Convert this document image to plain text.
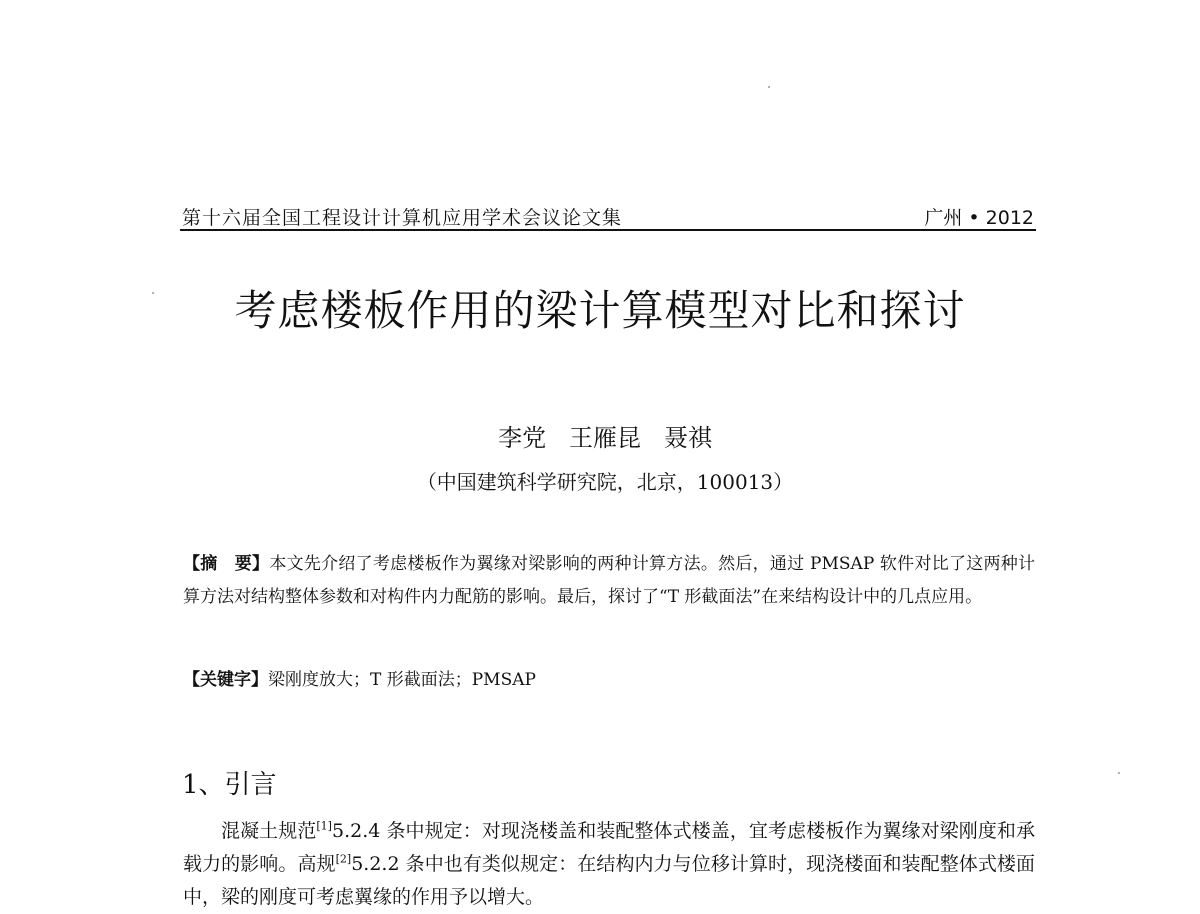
第十六届全国工程设计计算机应用学术会议论文集	广州 • 2012
考虑楼板作用的梁计算模型对比和探讨
李党   王雁昆   聂祺
（中国建筑科学研究院，北京，100013）
【摘　要】本文先介绍了考虑楼板作为翼缘对梁影响的两种计算方法。然后，通过 PMSAP 软件对比了这两种计算方法对结构整体参数和对构件内力配筋的影响。最后，探讨了“T 形截面法”在来结构设计中的几点应用。
【关键字】梁刚度放大；T 形截面法；PMSAP
1、引言
混凝土规范[1]5.2.4 条中规定：对现浇楼盖和装配整体式楼盖，宜考虑楼板作为翼缘对梁刚度和承载力的影响。高规[2]5.2.2 条中也有类似规定：在结构内力与位移计算时，现浇楼面和装配整体式楼面中，梁的刚度可考虑翼缘的作用予以增大。
